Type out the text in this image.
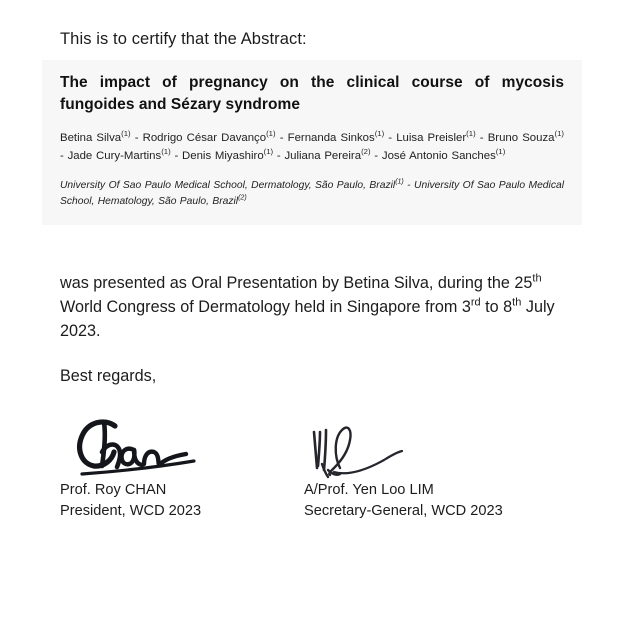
This is to certify that the Abstract:
The impact of pregnancy on the clinical course of mycosis fungoides and Sézary syndrome
Betina Silva$^{(1)}$ - Rodrigo César Davanço$^{(1)}$ - Fernanda Sinkos$^{(1)}$ - Luisa Preisler$^{(1)}$ - Bruno Souza$^{(1)}$ - Jade Cury-Martins$^{(1)}$ - Denis Miyashiro$^{(1)}$ - Juliana Pereira$^{(2)}$ - José Antonio Sanches$^{(1)}$
University Of Sao Paulo Medical School, Dermatology, São Paulo, Brazil$^{(1)}$ - University Of Sao Paulo Medical School, Hematology, São Paulo, Brazil$^{(2)}$
was presented as Oral Presentation by Betina Silva, during the 25th World Congress of Dermatology held in Singapore from 3rd to 8th July 2023.
Best regards,
Prof. Roy CHAN
President, WCD 2023
A/Prof. Yen Loo LIM
Secretary-General, WCD 2023
